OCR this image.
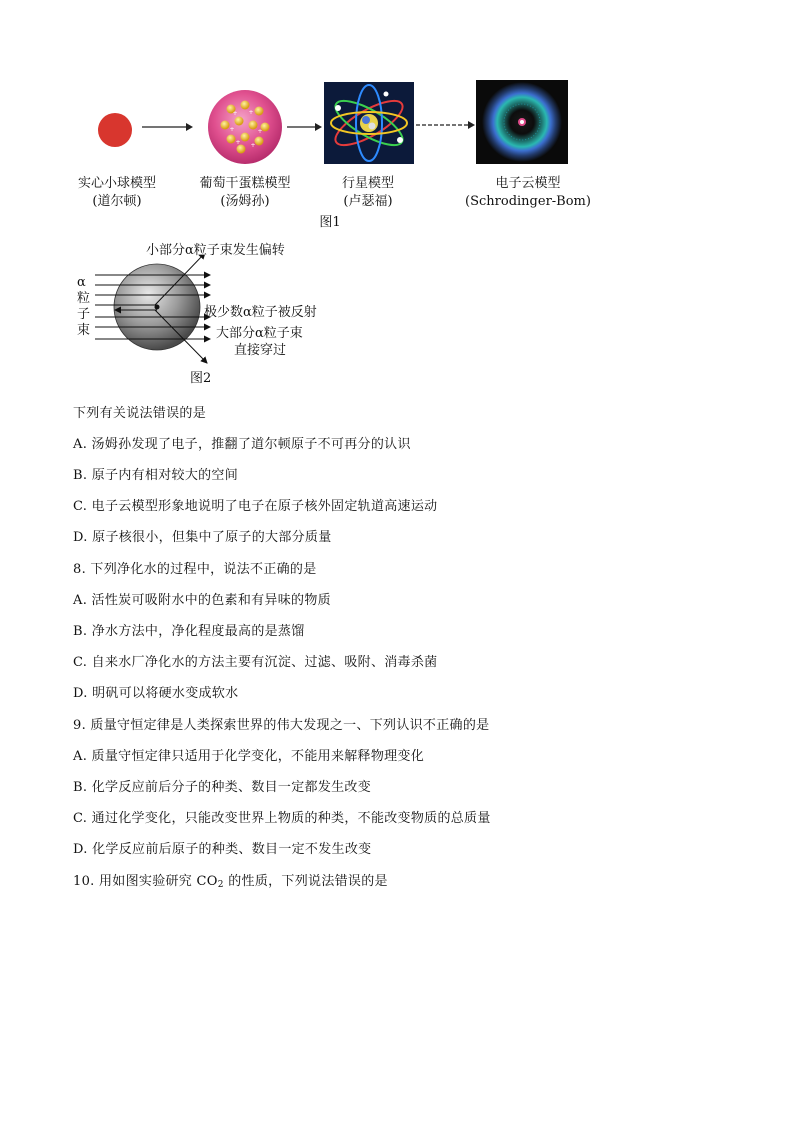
+ +
+	+
+ +
实心小球模型
(道尔顿)
葡萄干蛋糕模型
(汤姆孙)
行星模型
(卢瑟福)
电子云模型
(Schrodinger-Bom)
图1
α
粒
子
束
小部分α粒子束发生偏转
极少数α粒子被反射
大部分α粒子束
直接穿过
图2
下列有关说法错误的是
A. 汤姆孙发现了电子，推翻了道尔顿原子不可再分的认识
B. 原子内有相对较大的空间
C. 电子云模型形象地说明了电子在原子核外固定轨道高速运动
D. 原子核很小，但集中了原子的大部分质量
8. 下列净化水的过程中，说法不正确的是
A. 活性炭可吸附水中的色素和有异味的物质
B. 净水方法中，净化程度最高的是蒸馏
C. 自来水厂净化水的方法主要有沉淀、过滤、吸附、消毒杀菌
D. 明矾可以将硬水变成软水
9. 质量守恒定律是人类探索世界的伟大发现之一、下列认识不正确的是
A. 质量守恒定律只适用于化学变化，不能用来解释物理变化
B. 化学反应前后分子的种类、数目一定都发生改变
C. 通过化学变化，只能改变世界上物质的种类，不能改变物质的总质量
D. 化学反应前后原子的种类、数目一定不发生改变
10. 用如图实验研究 $CO_2$ 的性质，下列说法错误的是
